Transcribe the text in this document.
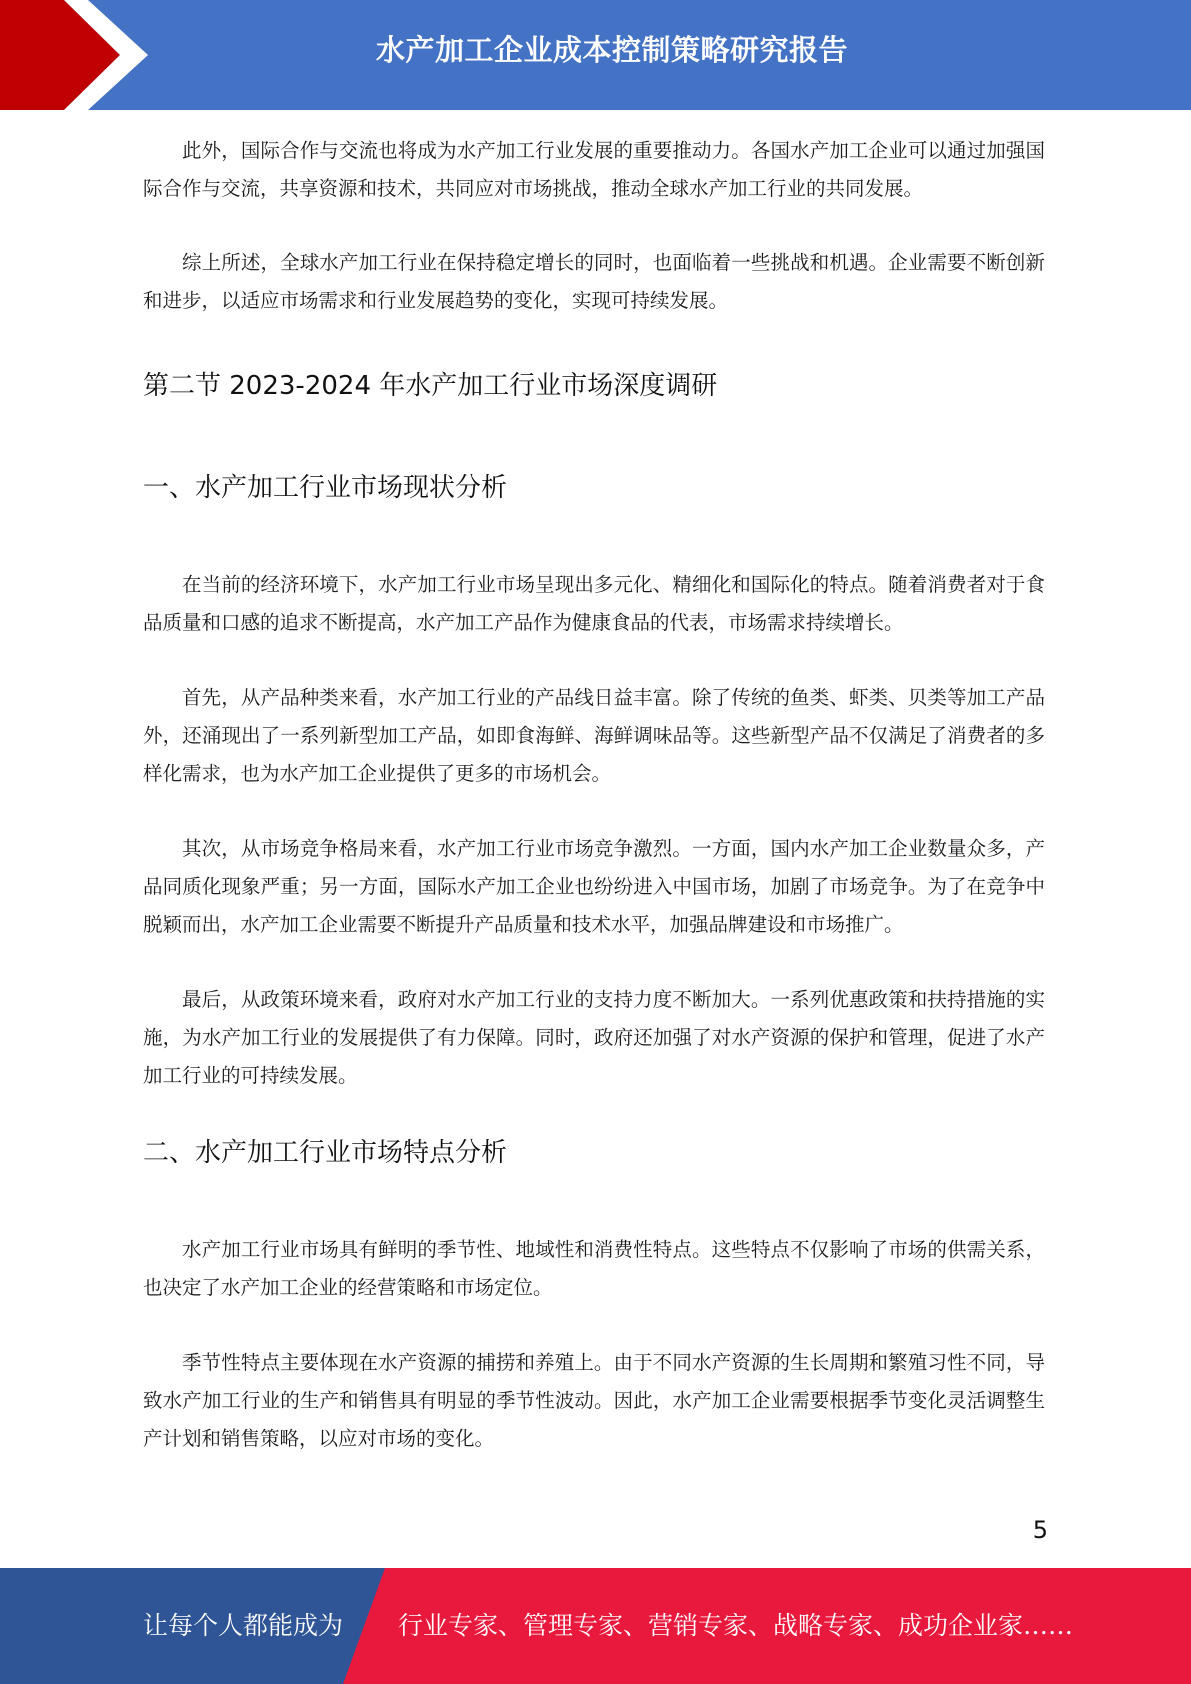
水产加工企业成本控制策略研究报告

此外，国际合作与交流也将成为水产加工行业发展的重要推动力。各国水产加工企业可以通过加强国际合作与交流，共享资源和技术，共同应对市场挑战，推动全球水产加工行业的共同发展。

综上所述，全球水产加工行业在保持稳定增长的同时，也面临着一些挑战和机遇。企业需要不断创新和进步，以适应市场需求和行业发展趋势的变化，实现可持续发展。

第二节 2023-2024 年水产加工行业市场深度调研
一、水产加工行业市场现状分析

在当前的经济环境下，水产加工行业市场呈现出多元化、精细化和国际化的特点。随着消费者对于食品质量和口感的追求不断提高，水产加工产品作为健康食品的代表，市场需求持续增长。

首先，从产品种类来看，水产加工行业的产品线日益丰富。除了传统的鱼类、虾类、贝类等加工产品外，还涌现出了一系列新型加工产品，如即食海鲜、海鲜调味品等。这些新型产品不仅满足了消费者的多样化需求，也为水产加工企业提供了更多的市场机会。

其次，从市场竞争格局来看，水产加工行业市场竞争激烈。一方面，国内水产加工企业数量众多，产品同质化现象严重；另一方面，国际水产加工企业也纷纷进入中国市场，加剧了市场竞争。为了在竞争中脱颖而出，水产加工企业需要不断提升产品质量和技术水平，加强品牌建设和市场推广。

最后，从政策环境来看，政府对水产加工行业的支持力度不断加大。一系列优惠政策和扶持措施的实施，为水产加工行业的发展提供了有力保障。同时，政府还加强了对水产资源的保护和管理，促进了水产加工行业的可持续发展。

二、水产加工行业市场特点分析

水产加工行业市场具有鲜明的季节性、地域性和消费性特点。这些特点不仅影响了市场的供需关系，也决定了水产加工企业的经营策略和市场定位。

季节性特点主要体现在水产资源的捕捞和养殖上。由于不同水产资源的生长周期和繁殖习性不同，导致水产加工行业的生产和销售具有明显的季节性波动。因此，水产加工企业需要根据季节变化灵活调整生产计划和销售策略，以应对市场的变化。

5
让每个人都能成为 行业专家、管理专家、营销专家、战略专家、成功企业家……
